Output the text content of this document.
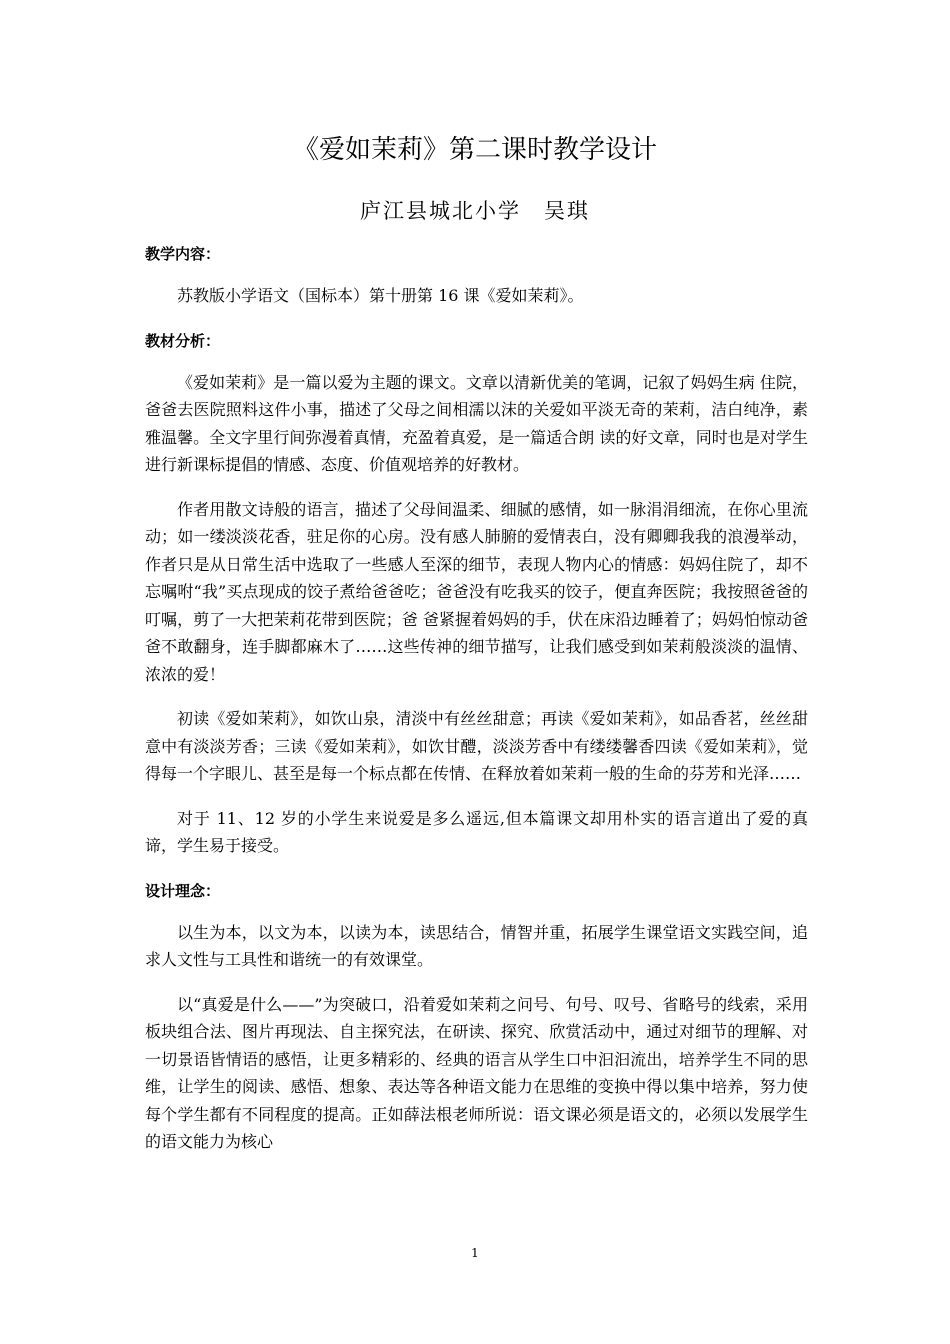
《爱如茉莉》第二课时教学设计
庐江县城北小学　吴琪
教学内容：

苏教版小学语文（国标本）第十册第 16 课《爱如茉莉》。

教材分析：

《爱如茉莉》是一篇以爱为主题的课文。文章以清新优美的笔调，记叙了妈妈生病 住院，爸爸去医院照料这件小事，描述了父母之间相濡以沫的关爱如平淡无奇的茉莉，洁白纯净，素雅温馨。全文字里行间弥漫着真情，充盈着真爱，是一篇适合朗 读的好文章，同时也是对学生进行新课标提倡的情感、态度、价值观培养的好教材。

作者用散文诗般的语言，描述了父母间温柔、细腻的感情，如一脉涓涓细流，在你心里流动；如一缕淡淡花香，驻足你的心房。没有感人肺腑的爱情表白，没有卿卿我我的浪漫举动，作者只是从日常生活中选取了一些感人至深的细节，表现人物内心的情感：妈妈住院了，却不忘嘱咐“我”买点现成的饺子煮给爸爸吃；爸爸没有吃我买的饺子，便直奔医院；我按照爸爸的叮嘱，剪了一大把茉莉花带到医院；爸 爸紧握着妈妈的手，伏在床沿边睡着了；妈妈怕惊动爸爸不敢翻身，连手脚都麻木了……这些传神的细节描写，让我们感受到如茉莉般淡淡的温情、浓浓的爱！

初读《爱如茉莉》，如饮山泉，清淡中有丝丝甜意；再读《爱如茉莉》，如品香茗，丝丝甜意中有淡淡芳香；三读《爱如茉莉》，如饮甘醴，淡淡芳香中有缕缕馨香四读《爱如茉莉》，觉得每一个字眼儿、甚至是每一个标点都在传情、在释放着如茉莉一般的生命的芬芳和光泽……

对于 11、12 岁的小学生来说爱是多么遥远,但本篇课文却用朴实的语言道出了爱的真谛，学生易于接受。

设计理念：

以生为本，以文为本，以读为本，读思结合，情智并重，拓展学生课堂语文实践空间，追求人文性与工具性和谐统一的有效课堂。

以“真爱是什么——”为突破口，沿着爱如茉莉之问号、句号、叹号、省略号的线索，采用板块组合法、图片再现法、自主探究法，在研读、探究、欣赏活动中，通过对细节的理解、对一切景语皆情语的感悟，让更多精彩的、经典的语言从学生口中汩汩流出，培养学生不同的思维，让学生的阅读、感悟、想象、表达等各种语文能力在思维的变换中得以集中培养，努力使每个学生都有不同程度的提高。正如薛法根老师所说：语文课必须是语文的，必须以发展学生的语文能力为核心

1
